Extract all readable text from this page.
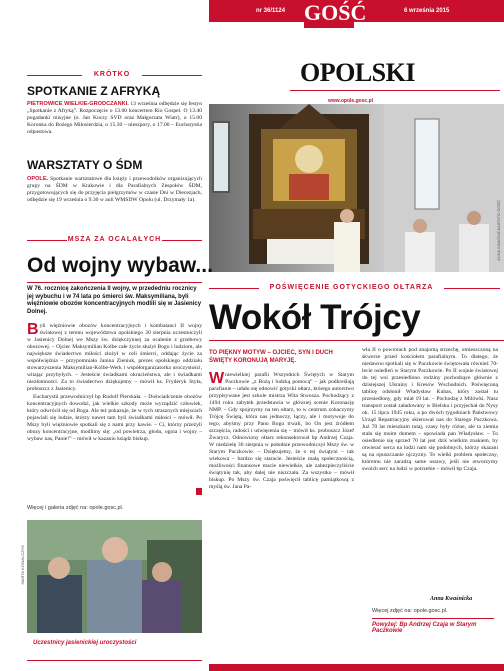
nr 36/1124 GOŚĆ	6 września 2015
OPOLSKI
www.opole.gosc.pl
ANNA KWAŚNICKA/FOTO GOŚĆ
KRÓTKO
SPOTKANIE Z AFRYKĄ
PIETROWICE WIELKIE-GRODCZANKI. 13 września odbędzie się festyn „Spotkanie z Afryką”. Rozpoczęcie o 13.00 koncertem Rio Gospel. O 13.40 pogadanki misyjne (o. Jan Koczy SVD oraz Małgorzata Wiatr), o 15.00 Koronka do Bożego Miłosierdzia, o 15.30 – nieszpory, o 17.00 – Eucharystia odpustowa.
WARSZTATY O ŚDM
OPOLE. Spotkanie warsztatowe dla księży i przewodników organizujących grupy na ŚDM w Krakowie i dla Parafialnych Zespołów ŚDM, przygotowujących się do przyjęcia pielgrzymów w czasie Dni w Diecezjach, odbędzie się 19 września o 9.30 w auli WMSDW Opolu (ul. Drzymały 1a).
MSZA ZA OCALAŁYCH
Od wojny wybaw...
W 76. rocznicę zakończenia II wojny, w przededniu rocznicy jej wybuchu i w 74 lata po śmierci św. Maksymiliana, byli więźniowie obozów koncentracyjnych modlili się w Jasienicy Dolnej.
B yli więźniowie obozów koncentracyjnych i kombatanci II wojny światowej z terenu województwa opolskiego 30 sierpnia uczestniczyli w Jasienicy Dolnej we Mszy św. dziękczynnej za ocalenie z grzebowy obozowej. – Ojciec Maksymilian Kolbe całe życie służył Bogu i ludziom, ale największe świadectwo miłości złożył w celi śmierci, oddając życie za współwięźnia – przypomniała Janina Zieniuk, prezes opolskiego oddziału stowarzyszenia Maksymilian-Kolbe-Werk i współorganizatorka uroczystości, witając przybyłych. – Jesteście świadkami okrucieństwa, ale i świadkami niezłomności. Za to świadectwo dziękujemy – mówił ks. Fryderyk Styła, proboszcz z Jasienicy.
Eucharystii przewodniczył bp Rudolf Pierskała. – Doświadczenie obozów koncentracyjnych dowodzi, jak wielkie szkody może wyrządzić człowiek, który odwrócił się od Boga. Ale też pokazuje, że w tych strasznych miejscach pojawiali się ludzie, którzy nawet tam byli świadkami miłości – mówił. Po Mszy byli więźniowie spotkali się z nami przy kawie. – Ci, którzy przeżyli obozy koncentracyjne, modlimy się: „od powietrza, głodu, ognia i wojny – wybaw nas, Panie!” – mówił w kazaniu ksiądz biskup.
Więcej i galeria zdjęć na: opole.gosc.pl.
MARTA KOWALCZYK
Uczestnicy jasienickiej uroczystości
POŚWIĘCENIE GOTYCKIEGO OŁTARZA
Wokół Trójcy
TO PIĘKNY MOTYW – OJCIEC, SYN I DUCH ŚWIĘTY KORONUJĄ MARYJĘ.
W niewielkiej parafii Wszystkich Świętych w Starym Paczkowie „z Bożą i ludzką pomocą” – jak podkreślają parafianie – udało się odnowić gotycki ołtarz, którego autorstwo przypisywane jest szkole mistrza Wita Stwosza. Pochodzący z 1494 roku zabytek przedstawia w głównej scenie Koronację NMP. – Gdy spojrzymy na ten ołtarz, to w centrum zobaczymy Trójcę Świętą, która nas jednoczy, łączy, ale i motywuje do tego, abyśmy przy Panu Bogu trwali, bo On jest źródłem szczęścia, radości i uświęcenia się – mówił ks. proboszcz Józef Żwarycz. Odnowiony ołtarz rekonsekrował bp Andrzej Czaja. W niedzielę 30 sierpnia w południe przewodniczył Mszy św. w Starym Paczkowie. – Dziękujemy, że o tej świątyni – tak wiekowa – bardzo się staracie. Jesteście małą społecznością, możliwości finansowe macie niewielkie, ale zabezpieczyliście świątynię tak, aby dalej nie niszczała. Za wszystko – mówił biskup. Po Mszy św. Czaja poświęcił tablicę pamiątkową z myślą św. Jana Pa-
wła II o powrotach pod znajomą strzechę, umieszczoną na skwerze przed kościołem parafialnym. To dlatego, że niedawno spotkali się w Paczkowie świętowała również 70-lecie osiedleń w Starym Paczkowie. Po II wojnie światowej do tej wsi przesiedlono rodziny pochodzące głównie z dzisiejszej Ukrainy i Kresów Wschodnich. Poświęconą tablicę odsłonił Władysław Kubas, który został tu przesiedlony, gdy miał 19 lat. – Pochodzę z Milówki. Nasz transport został załadowany w Bielsku i przyjechał do Nysy ok. 15 lipca 1945 roku, a po dwóch tygodniach Państwowy Urząd Repatriacyjny skierował nas do Starego Paczkowa. Już 70 lat mieszkam tutaj, czasy były różne, ale ta ziemia stała się moim domem – opowiada pan Władysław. – To osiedlenie się sprzed 70 lat jest dziś wielkim znakiem, by otwierać serca na ludzi nam się podobnych, którzy skazani są na opuszczanie ojczyzny. To wielki problem społeczny, któremu nie zaradzą same ustawy, jeśli nie otworzymy swoich serc na ludzi w potrzebie – mówił bp Czaja.
Anna Kwaśnicka
Więcej zdjęć na: opole.gosc.pl.
Powyżej: Bp Andrzej Czaja w Starym Paczkowie
